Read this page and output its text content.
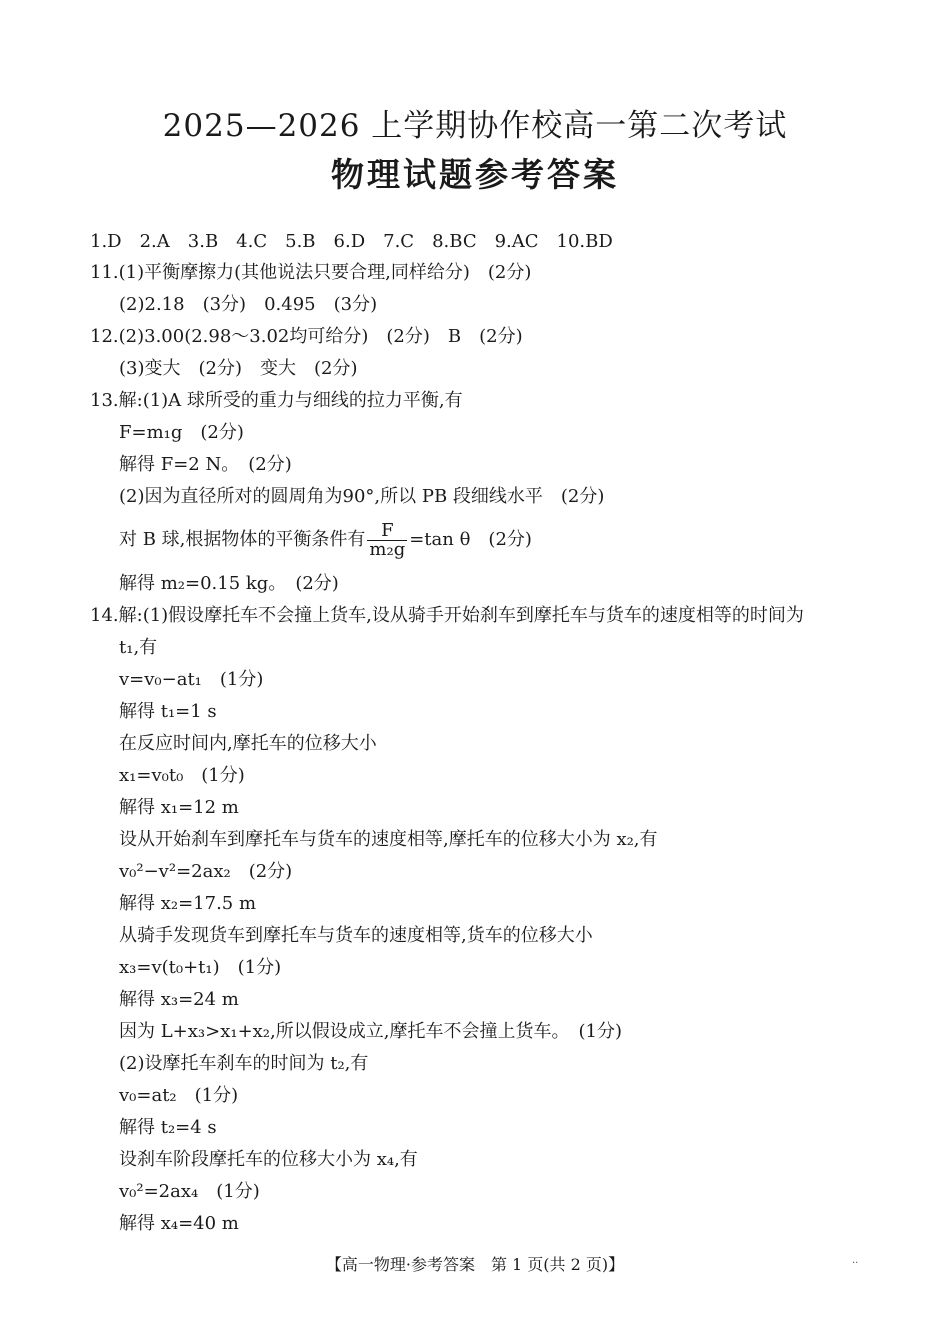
2025—2026 上学期协作校高一第二次考试
物理试题参考答案
1.D　2.A　3.B　4.C　5.B　6.D　7.C　8.BC　9.AC　10.BD
11.(1)平衡摩擦力(其他说法只要合理,同样给分)　(2分)
(2)2.18　(3分)　0.495　(3分)
12.(2)3.00(2.98～3.02均可给分)　(2分)　B　(2分)
(3)变大　(2分)　变大　(2分)
13.解:(1)A 球所受的重力与细线的拉力平衡,有
F=m₁g　(2分)
解得 F=2 N。　(2分)
(2)因为直径所对的圆周角为90°,所以 PB 段细线水平　(2分)
对 B 球,根据物体的平衡条件有 $\frac{F}{\text{m₂g}} =\tan$ θ　(2分)
解得 m₂=0.15 kg。　(2分)
14.解:(1)假设摩托车不会撞上货车,设从骑手开始刹车到摩托车与货车的速度相等的时间为
t₁,有
v=v₀−at₁　(1分)
解得 t₁=1 s
在反应时间内,摩托车的位移大小
x₁=v₀t₀　(1分)
解得 x₁=12 m
设从开始刹车到摩托车与货车的速度相等,摩托车的位移大小为 x₂,有
v₀²−v²=2ax₂　(2分)
解得 x₂=17.5 m
从骑手发现货车到摩托车与货车的速度相等,货车的位移大小
x₃=v(t₀+t₁)　(1分)
解得 x₃=24 m
因为 L+x₃>x₁+x₂,所以假设成立,摩托车不会撞上货车。　(1分)
(2)设摩托车刹车的时间为 t₂,有
v₀=at₂　(1分)
解得 t₂=4 s
设刹车阶段摩托车的位移大小为 x₄,有
v₀²=2ax₄　(1分)
解得 x₄=40 m
【高一物理·参考答案　第 1 页(共 2 页)】	··
